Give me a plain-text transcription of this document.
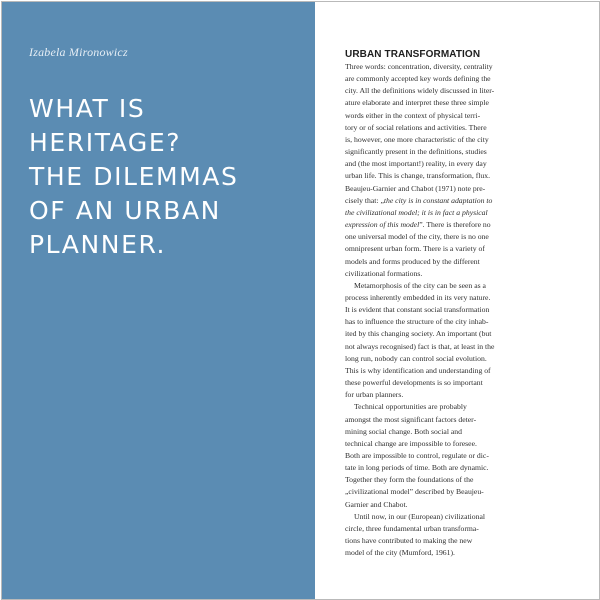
Izabela Mironowicz
WHAT IS
HERITAGE?
THE DILEMMAS
OF AN URBAN
PLANNER.
URBAN TRANSFORMATION

Three words: concentration, diversity, centrality
are commonly accepted key words defining the
city. All the definitions widely discussed in liter-
ature elaborate and interpret these three simple
words either in the context of physical terri-
tory or of social relations and activities. There
is, however, one more characteristic of the city
significantly present in the definitions, studies
and (the most important!) reality, in every day
urban life. This is change, transformation, flux.
Beaujeu-Garnier and Chabot (1971) note pre-
cisely that: „the city is in constant adaptation to
the civilizational model; it is in fact a physical
expression of this model”. There is therefore no
one universal model of the city, there is no one
omnipresent urban form. There is a variety of
models and forms produced by the different
civilizational formations.

Metamorphosis of the city can be seen as a
process inherently embedded in its very nature.
It is evident that constant social transformation
has to influence the structure of the city inhab-
ited by this changing society. An important (but
not always recognised) fact is that, at least in the
long run, nobody can control social evolution.
This is why identification and understanding of
these powerful developments is so important
for urban planners.

Technical opportunities are probably
amongst the most significant factors deter-
mining social change. Both social and
technical change are impossible to foresee.
Both are impossible to control, regulate or dic-
tate in long periods of time. Both are dynamic.
Together they form the foundations of the
„civilizational model” described by Beaujeu-
Garnier and Chabot.

Until now, in our (European) civilizational
circle, three fundamental urban transforma-
tions have contributed to making the new
model of the city (Mumford, 1961).
